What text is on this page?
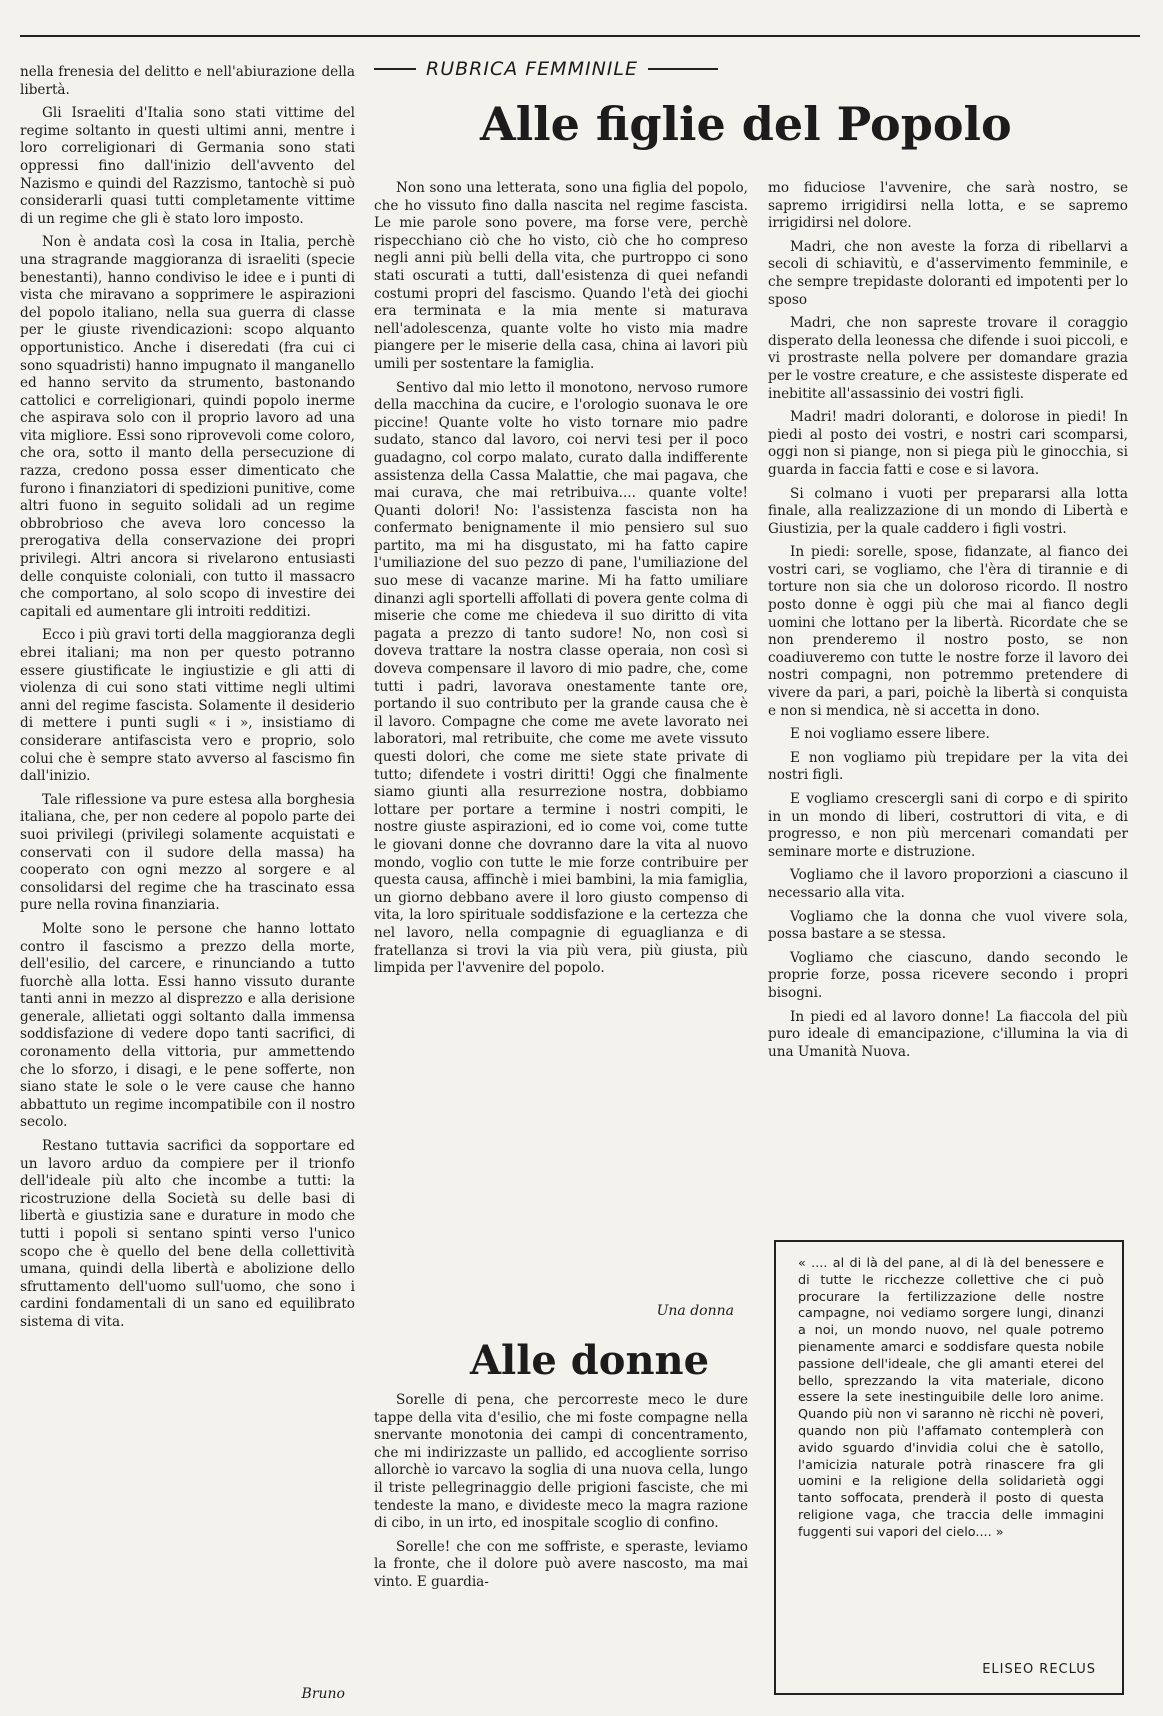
nella frenesia del delitto e nell'abiurazione della libertà.

Gli Israeliti d'Italia sono stati vittime del regime soltanto in questi ultimi anni, mentre i loro correligionari di Germania sono stati oppressi fino dall'inizio dell'avvento del Nazismo e quindi del Razzismo, tantochè si può considerarli quasi tutti completamente vittime di un regime che gli è stato loro imposto.

Non è andata così la cosa in Italia, perchè una stragrande maggioranza di israeliti (specie benestanti), hanno condiviso le idee e i punti di vista che miravano a sopprimere le aspirazioni del popolo italiano, nella sua guerra di classe per le giuste rivendicazioni: scopo alquanto opportunistico. Anche i diseredati (fra cui ci sono squadristi) hanno impugnato il manganello ed hanno servito da strumento, bastonando cattolici e correligionari, quindi popolo inerme che aspirava solo con il proprio lavoro ad una vita migliore. Essi sono riprovevoli come coloro, che ora, sotto il manto della persecuzione di razza, credono possa esser dimenticato che furono i finanziatori di spedizioni punitive, come altri fuono in seguito solidali ad un regime obbrobrioso che aveva loro concesso la prerogativa della conservazione dei propri privilegi. Altri ancora si rivelarono entusiasti delle conquiste coloniali, con tutto il massacro che comportano, al solo scopo di investire dei capitali ed aumentare gli introiti redditizi.

Ecco i più gravi torti della maggioranza degli ebrei italiani; ma non per questo potranno essere giustificate le ingiustizie e gli atti di violenza di cui sono stati vittime negli ultimi anni del regime fascista. Solamente il desiderio di mettere i punti sugli « i », insistiamo di considerare antifascista vero e proprio, solo colui che è sempre stato avverso al fascismo fin dall'inizio.

Tale riflessione va pure estesa alla borghesia italiana, che, per non cedere al popolo parte dei suoi privilegi (privilegi solamente acquistati e conservati con il sudore della massa) ha cooperato con ogni mezzo al sorgere e al consolidarsi del regime che ha trascinato essa pure nella rovina finanziaria.

Molte sono le persone che hanno lottato contro il fascismo a prezzo della morte, dell'esilio, del carcere, e rinunciando a tutto fuorchè alla lotta. Essi hanno vissuto durante tanti anni in mezzo al disprezzo e alla derisione generale, allietati oggi soltanto dalla immensa soddisfazione di vedere dopo tanti sacrifici, di coronamento della vittoria, pur ammettendo che lo sforzo, i disagi, e le pene sofferte, non siano state le sole o le vere cause che hanno abbattuto un regime incompatibile con il nostro secolo.

Restano tuttavia sacrifici da sopportare ed un lavoro arduo da compiere per il trionfo dell'ideale più alto che incombe a tutti: la ricostruzione della Società su delle basi di libertà e giustizia sane e durature in modo che tutti i popoli si sentano spinti verso l'unico scopo che è quello del bene della collettività umana, quindi della libertà e abolizione dello sfruttamento dell'uomo sull'uomo, che sono i cardini fondamentali di un sano ed equilibrato sistema di vita.

Bruno
RUBRICA FEMMINILE
Alle figlie del Popolo

Non sono una letterata, sono una figlia del popolo, che ho vissuto fino dalla nascita nel regime fascista. Le mie parole sono povere, ma forse vere, perchè rispecchiano ciò che ho visto, ciò che ho compreso negli anni più belli della vita, che purtroppo ci sono stati oscurati a tutti, dall'esistenza di quei nefandi costumi propri del fascismo. Quando l'età dei giochi era terminata e la mia mente si maturava nell'adolescenza, quante volte ho visto mia madre piangere per le miserie della casa, china ai lavori più umili per sostentare la famiglia.

Sentivo dal mio letto il monotono, nervoso rumore della macchina da cucire, e l'orologio suonava le ore piccine! Quante volte ho visto tornare mio padre sudato, stanco dal lavoro, coi nervi tesi per il poco guadagno, col corpo malato, curato dalla indifferente assistenza della Cassa Malattie, che mai pagava, che mai curava, che mai retribuiva.... quante volte! Quanti dolori! No: l'assistenza fascista non ha confermato benignamente il mio pensiero sul suo partito, ma mi ha disgustato, mi ha fatto capire l'umiliazione del suo pezzo di pane, l'umiliazione del suo mese di vacanze marine. Mi ha fatto umiliare dinanzi agli sportelli affollati di povera gente colma di miserie che come me chiedeva il suo diritto di vita pagata a prezzo di tanto sudore! No, non così si doveva trattare la nostra classe operaia, non così si doveva compensare il lavoro di mio padre, che, come tutti i padri, lavorava onestamente tante ore, portando il suo contributo per la grande causa che è il lavoro. Compagne che come me avete lavorato nei laboratori, mal retribuite, che come me avete vissuto questi dolori, che come me siete state private di tutto; difendete i vostri diritti! Oggi che finalmente siamo giunti alla resurrezione nostra, dobbiamo lottare per portare a termine i nostri compiti, le nostre giuste aspirazioni, ed io come voi, come tutte le giovani donne che dovranno dare la vita al nuovo mondo, voglio con tutte le mie forze contribuire per questa causa, affinchè i miei bambini, la mia famiglia, un giorno debbano avere il loro giusto compenso di vita, la loro spirituale soddisfazione e la certezza che nel lavoro, nella compagnie di eguaglianza e di fratellanza si trovi la via più vera, più giusta, più limpida per l'avvenire del popolo.

Una donna
Alle donne

Sorelle di pena, che percorreste meco le dure tappe della vita d'esilio, che mi foste compagne nella snervante monotonia dei campi di concentramento, che mi indirizzaste un pallido, ed accogliente sorriso allorchè io varcavo la soglia di una nuova cella, lungo il triste pellegrinaggio delle prigioni fasciste, che mi tendeste la mano, e divideste meco la magra razione di cibo, in un irto, ed inospitale scoglio di confino.

Sorelle! che con me soffriste, e speraste, leviamo la fronte, che il dolore può avere nascosto, ma mai vinto. E guardia-

mo fiduciose l'avvenire, che sarà nostro, se sapremo irrigidirsi nella lotta, e se sapremo irrigidirsi nel dolore.

Madri, che non aveste la forza di ribellarvi a secoli di schiavitù, e d'asservimento femminile, e che sempre trepidaste doloranti ed impotenti per lo sposo

Madri, che non sapreste trovare il coraggio disperato della leonessa che difende i suoi piccoli, e vi prostraste nella polvere per domandare grazia per le vostre creature, e che assisteste disperate ed inebitite all'assassinio dei vostri figli.

Madri! madri doloranti, e dolorose in piedi! In piedi al posto dei vostri, e nostri cari scomparsi, oggi non si piange, non si piega più le ginocchia, si guarda in faccia fatti e cose e si lavora.

Si colmano i vuoti per prepararsi alla lotta finale, alla realizzazione di un mondo di Libertà e Giustizia, per la quale caddero i figli vostri.

In piedi: sorelle, spose, fidanzate, al fianco dei vostri cari, se vogliamo, che l'èra di tirannie e di torture non sia che un doloroso ricordo. Il nostro posto donne è oggi più che mai al fianco degli uomini che lottano per la libertà. Ricordate che se non prenderemo il nostro posto, se non coadiuveremo con tutte le nostre forze il lavoro dei nostri compagni, non potremmo pretendere di vivere da pari, a pari, poichè la libertà si conquista e non si mendica, nè si accetta in dono.

E noi vogliamo essere libere.

E non vogliamo più trepidare per la vita dei nostri figli.

E vogliamo crescergli sani di corpo e di spirito in un mondo di liberi, costruttori di vita, e di progresso, e non più mercenari comandati per seminare morte e distruzione.

Vogliamo che il lavoro proporzioni a ciascuno il necessario alla vita.

Vogliamo che la donna che vuol vivere sola, possa bastare a se stessa.

Vogliamo che ciascuno, dando secondo le proprie forze, possa ricevere secondo i propri bisogni.

In piedi ed al lavoro donne! La fiaccola del più puro ideale di emancipazione, c'illumina la via di una Umanità Nuova.

« .... al di là del pane, al di là del benessere e di tutte le ricchezze collettive che ci può procurare la fertilizzazione delle nostre campagne, noi vediamo sorgere lungi, dinanzi a noi, un mondo nuovo, nel quale potremo pienamente amarci e soddisfare questa nobile passione dell'ideale, che gli amanti eterei del bello, sprezzando la vita materiale, dicono essere la sete inestinguibile delle loro anime. Quando più non vi saranno nè ricchi nè poveri, quando non più l'affamato contemplerà con avido sguardo d'invidia colui che è satollo, l'amicizia naturale potrà rinascere fra gli uomini e la religione della solidarietà oggi tanto soffocata, prenderà il posto di questa religione vaga, che traccia delle immagini fuggenti sui vapori del cielo.... »
ELISEO RECLUS
